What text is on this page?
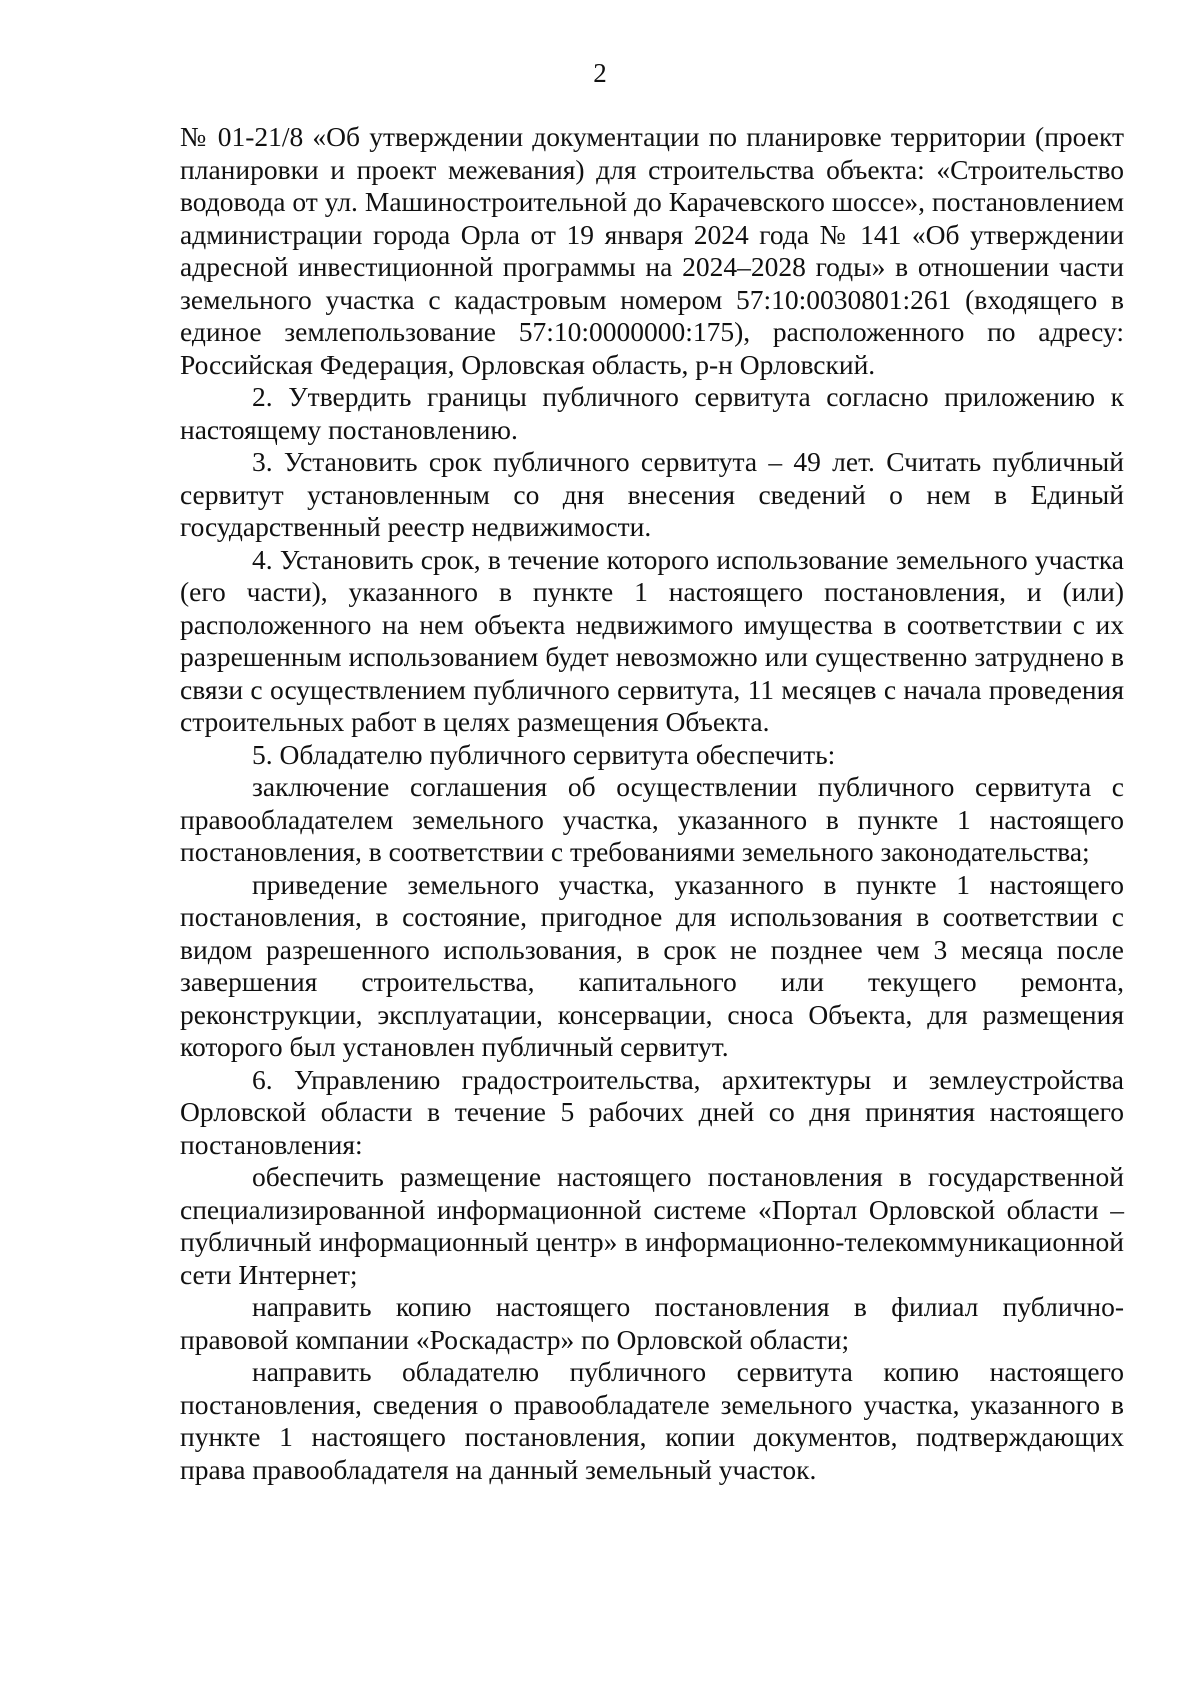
2

№ 01-21/8 «Об утверждении документации по планировке территории (проект планировки и проект межевания) для строительства объекта: «Строительство водовода от ул. Машиностроительной до Карачевского шоссе», постановлением администрации города Орла от 19 января 2024 года № 141 «Об утверждении адресной инвестиционной программы на 2024–2028 годы» в отношении части земельного участка с кадастровым номером 57:10:0030801:261 (входящего в единое землепользование 57:10:0000000:175), расположенного по адресу: Российская Федерация, Орловская область, р-н Орловский.

2. Утвердить границы публичного сервитута согласно приложению к настоящему постановлению.

3. Установить срок публичного сервитута – 49 лет. Считать публичный сервитут установленным со дня внесения сведений о нем в Единый государственный реестр недвижимости.

4. Установить срок, в течение которого использование земельного участка (его части), указанного в пункте 1 настоящего постановления, и (или) расположенного на нем объекта недвижимого имущества в соответствии с их разрешенным использованием будет невозможно или существенно затруднено в связи с осуществлением публичного сервитута, 11 месяцев с начала проведения строительных работ в целях размещения Объекта.

5. Обладателю публичного сервитута обеспечить:

заключение соглашения об осуществлении публичного сервитута с правообладателем земельного участка, указанного в пункте 1 настоящего постановления, в соответствии с требованиями земельного законодательства;

приведение земельного участка, указанного в пункте 1 настоящего постановления, в состояние, пригодное для использования в соответствии с видом разрешенного использования, в срок не позднее чем 3 месяца после завершения строительства, капитального или текущего ремонта, реконструкции, эксплуатации, консервации, сноса Объекта, для размещения которого был установлен публичный сервитут.

6. Управлению градостроительства, архитектуры и землеустройства Орловской области в течение 5 рабочих дней со дня принятия настоящего постановления:

обеспечить размещение настоящего постановления в государственной специализированной информационной системе «Портал Орловской области – публичный информационный центр» в информационно-телекоммуникационной сети Интернет;

направить копию настоящего постановления в филиал публично-правовой компании «Роскадастр» по Орловской области;

направить обладателю публичного сервитута копию настоящего постановления, сведения о правообладателе земельного участка, указанного в пункте 1 настоящего постановления, копии документов, подтверждающих права правообладателя на данный земельный участок.
